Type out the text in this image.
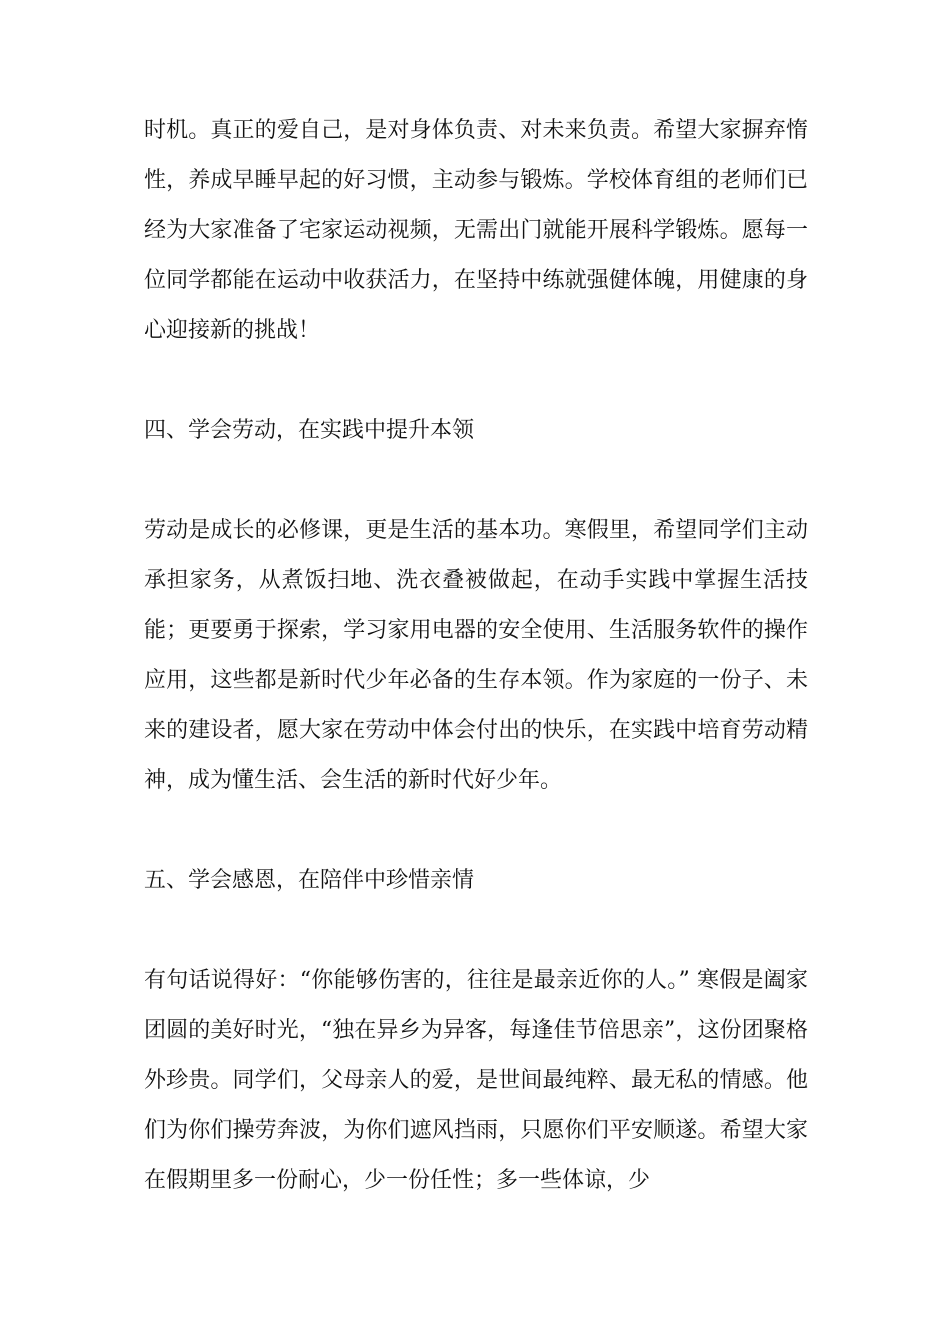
时机。真正的爱自己，是对身体负责、对未来负责。希望大家摒弃惰性，养成早睡早起的好习惯，主动参与锻炼。学校体育组的老师们已经为大家准备了宅家运动视频，无需出门就能开展科学锻炼。愿每一位同学都能在运动中收获活力，在坚持中练就强健体魄，用健康的身心迎接新的挑战！

四、学会劳动，在实践中提升本领

劳动是成长的必修课，更是生活的基本功。寒假里，希望同学们主动承担家务，从煮饭扫地、洗衣叠被做起，在动手实践中掌握生活技能；更要勇于探索，学习家用电器的安全使用、生活服务软件的操作应用，这些都是新时代少年必备的生存本领。作为家庭的一份子、未来的建设者，愿大家在劳动中体会付出的快乐，在实践中培育劳动精神，成为懂生活、会生活的新时代好少年。

五、学会感恩，在陪伴中珍惜亲情

有句话说得好：“你能够伤害的，往往是最亲近你的人。” 寒假是阖家团圆的美好时光，“独在异乡为异客，每逢佳节倍思亲”，这份团聚格外珍贵。同学们，父母亲人的爱，是世间最纯粹、最无私的情感。他们为你们操劳奔波，为你们遮风挡雨，只愿你们平安顺遂。希望大家在假期里多一份耐心，少一份任性；多一些体谅，少
